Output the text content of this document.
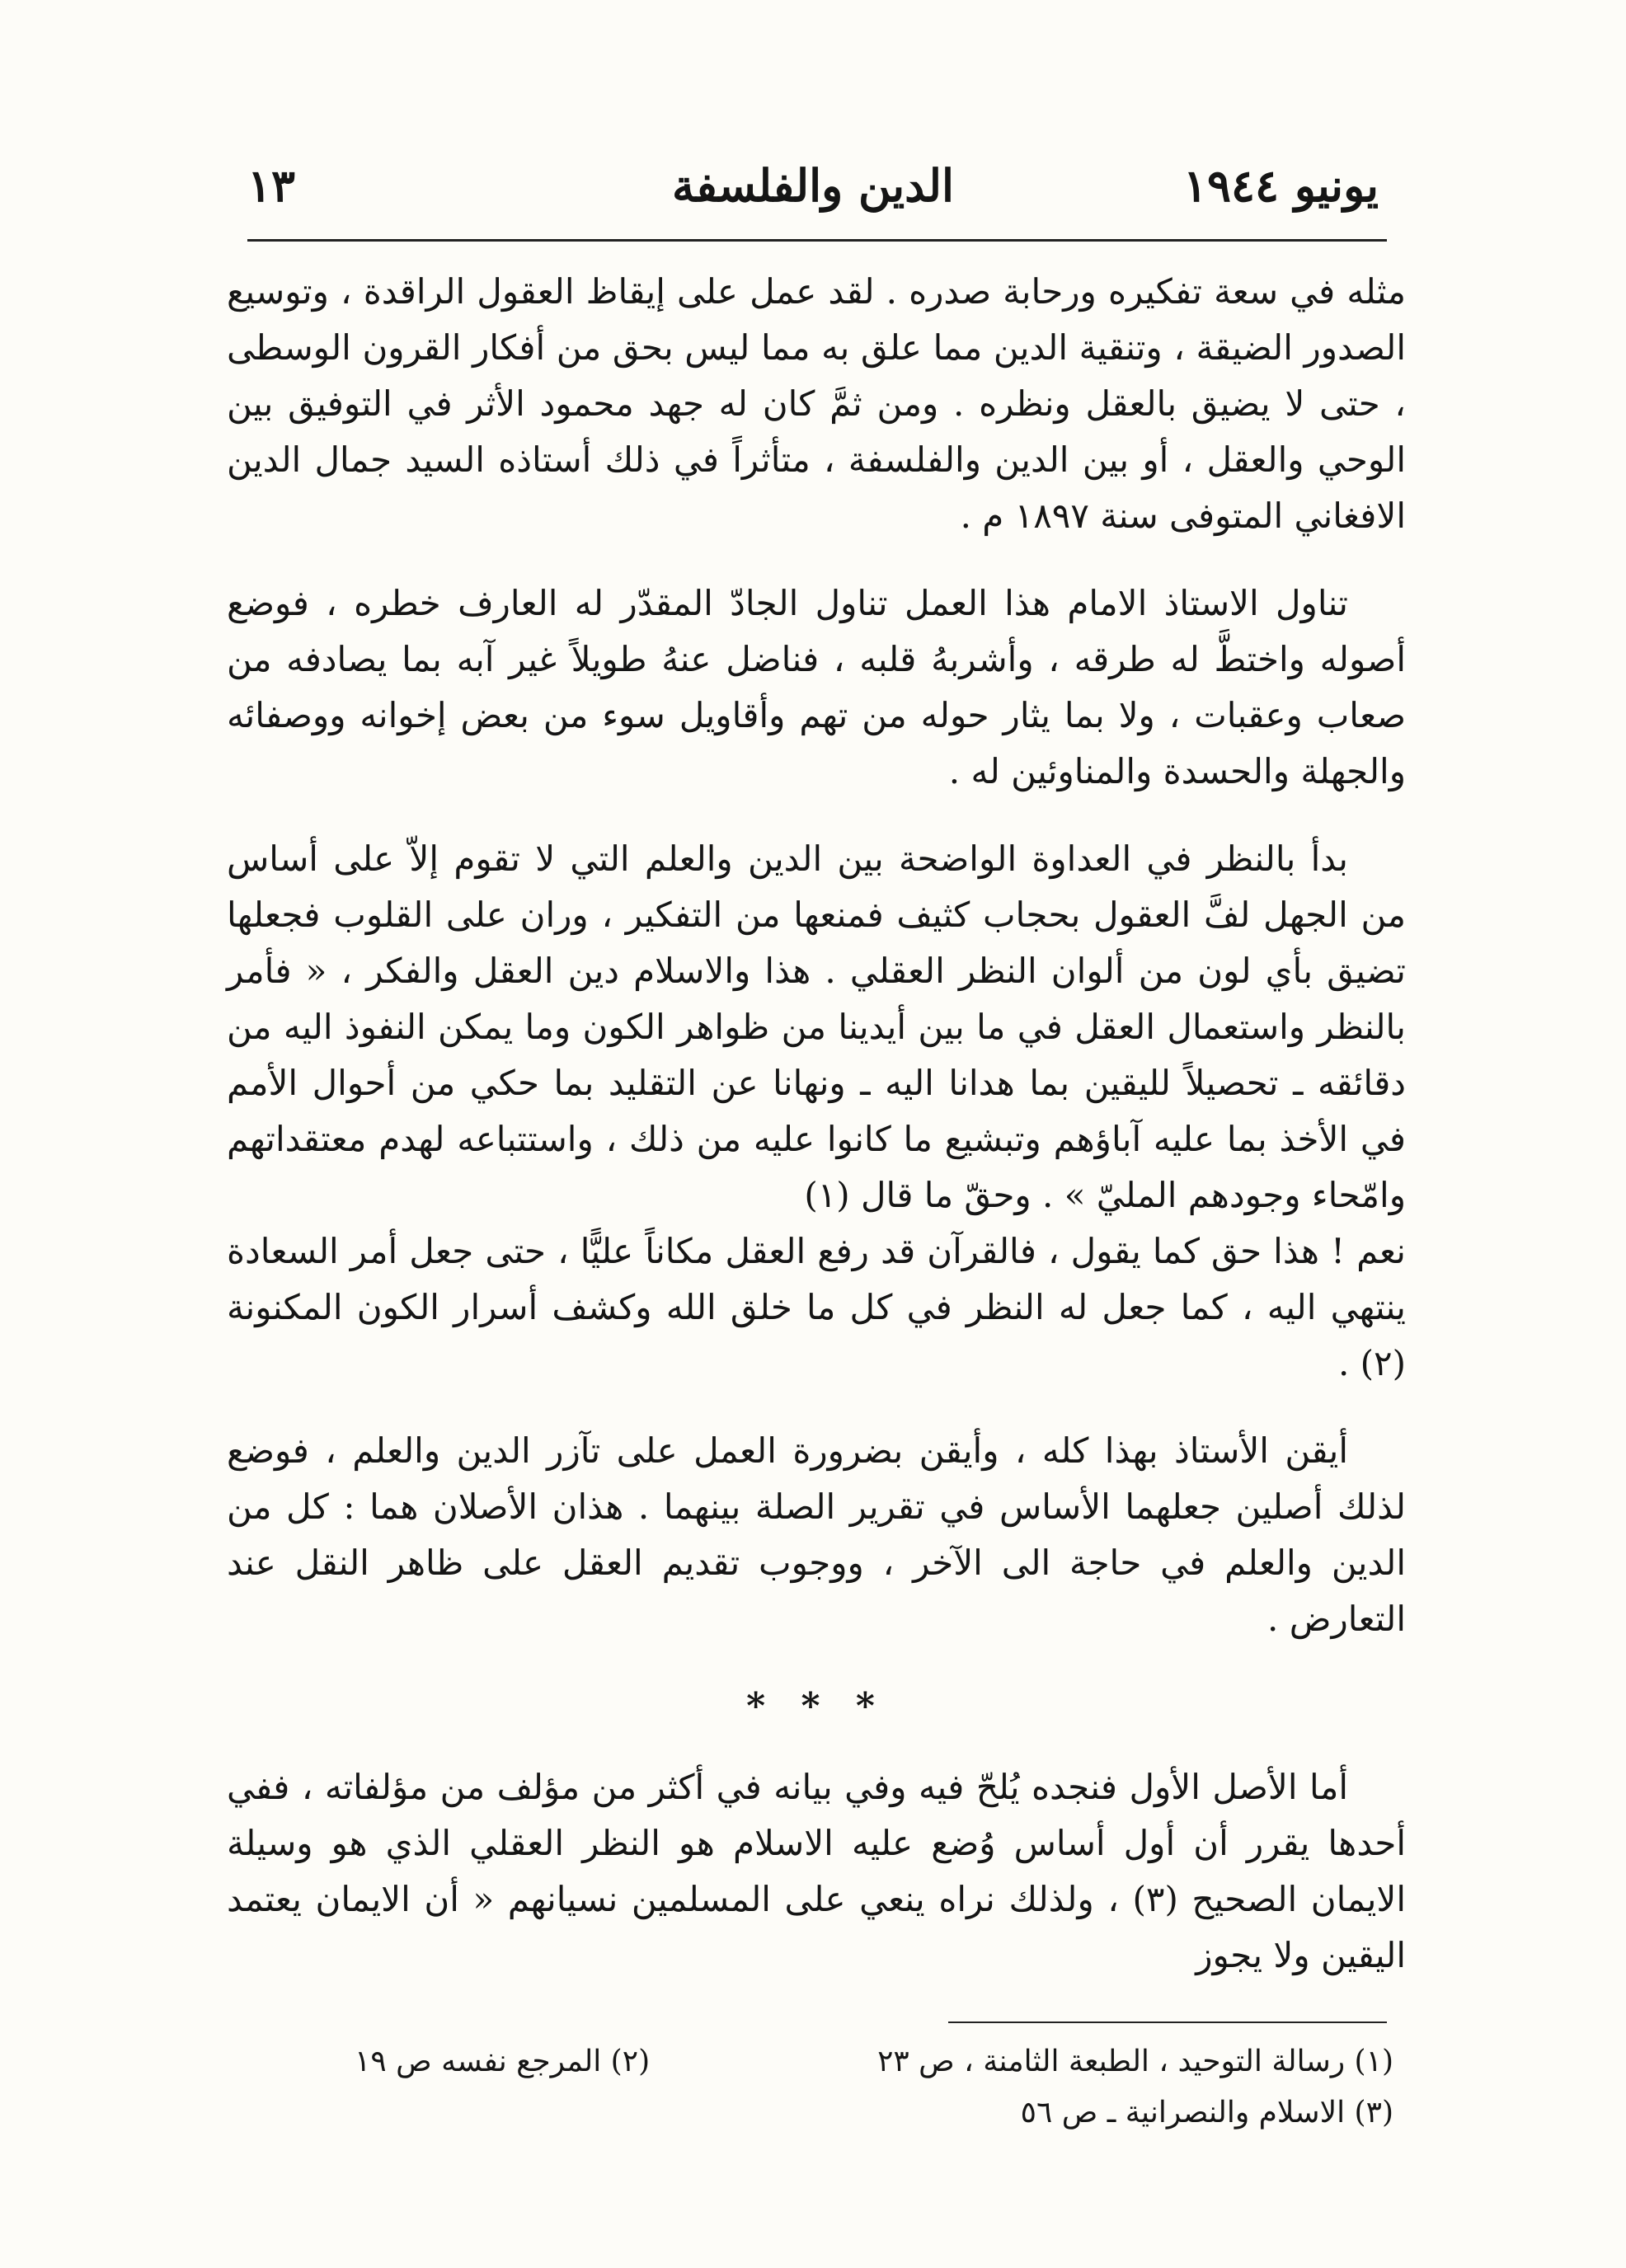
يونيو ١٩٤٤
الدين والفلسفة
١٣

مثله في سعة تفكيره ورحابة صدره . لقد عمل على إيقاظ العقول الراقدة ، وتوسيع الصدور الضيقة ، وتنقية الدين مما علق به مما ليس بحق من أفكار القرون الوسطى ، حتى لا يضيق بالعقل ونظره . ومن ثمَّ كان له جهد محمود الأثر في التوفيق بين الوحي والعقل ، أو بين الدين والفلسفة ، متأثراً في ذلك أستاذه السيد جمال الدين الافغاني المتوفى سنة ١٨٩٧ م .

تناول الاستاذ الامام هذا العمل تناول الجادّ المقدّر له العارف خطره ، فوضع أصوله واختطَّ له طرقه ، وأشربهُ قلبه ، فناضل عنهُ طويلاً غير آبه بما يصادفه من صعاب وعقبات ، ولا بما يثار حوله من تهم وأقاويل سوء من بعض إخوانه ووصفائه والجهلة والحسدة والمناوئين له .

بدأ بالنظر في العداوة الواضحة بين الدين والعلم التي لا تقوم إلاّ على أساس من الجهل لفَّ العقول بحجاب كثيف فمنعها من التفكير ، وران على القلوب فجعلها تضيق بأي لون من ألوان النظر العقلي . هذا والاسلام دين العقل والفكر ، « فأمر بالنظر واستعمال العقل في ما بين أيدينا من ظواهر الكون وما يمكن النفوذ اليه من دقائقه ـ تحصيلاً لليقين بما هدانا اليه ـ ونهانا عن التقليد بما حكي من أحوال الأمم في الأخذ بما عليه آباؤهم وتبشيع ما كانوا عليه من ذلك ، واستتباعه لهدم معتقداتهم وامّحاء وجودهم المليّ » . وحقّ ما قال (١)

نعم ! هذا حق كما يقول ، فالقرآن قد رفع العقل مكاناً عليًّا ، حتى جعل أمر السعادة ينتهي اليه ، كما جعل له النظر في كل ما خلق الله وكشف أسرار الكون المكنونة (٢) .

أيقن الأستاذ بهذا كله ، وأيقن بضرورة العمل على تآزر الدين والعلم ، فوضع لذلك أصلين جعلهما الأساس في تقرير الصلة بينهما . هذان الأصلان هما : كل من الدين والعلم في حاجة الى الآخر ، ووجوب تقديم العقل على ظاهر النقل عند التعارض .

* * *

أما الأصل الأول فنجده يُلحّ فيه وفي بيانه في أكثر من مؤلف من مؤلفاته ، ففي أحدها يقرر أن أول أساس وُضع عليه الاسلام هو النظر العقلي الذي هو وسيلة الايمان الصحيح (٣) ، ولذلك نراه ينعي على المسلمين نسيانهم « أن الايمان يعتمد اليقين ولا يجوز

(١) رسالة التوحيد ، الطبعة الثامنة ، ص ٢٣
(٢) المرجع نفسه ص ١٩
(٣) الاسلام والنصرانية ـ ص ٥٦
